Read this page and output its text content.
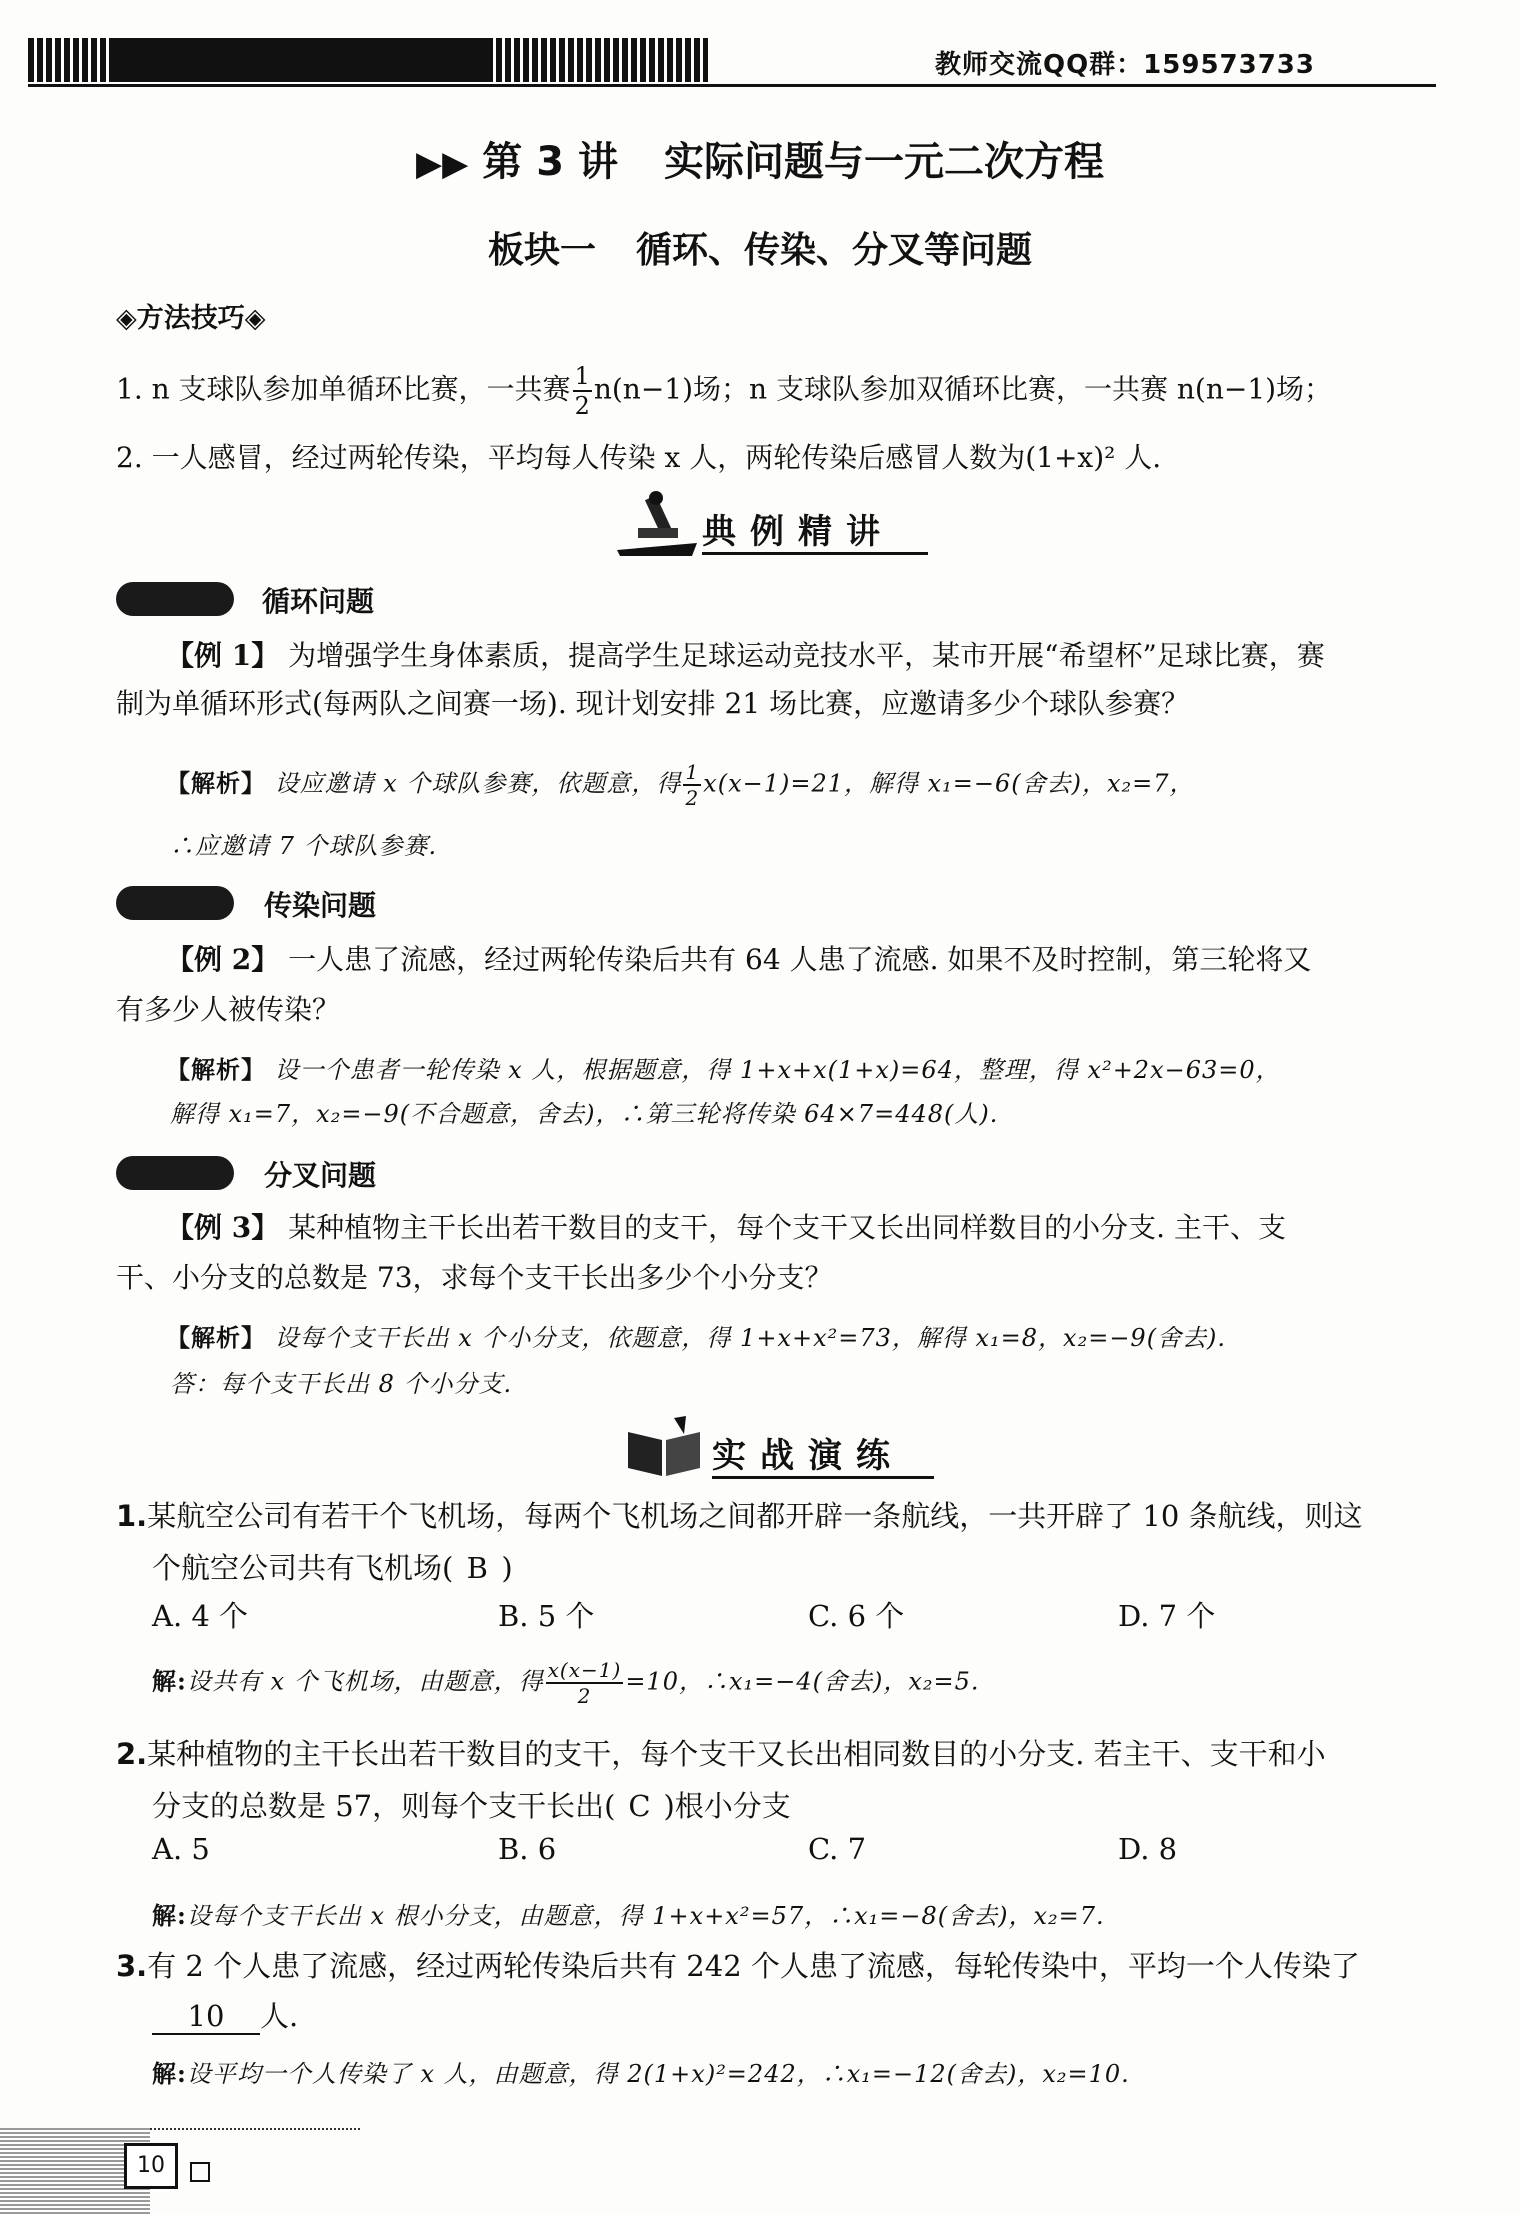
教师交流QQ群：159573733
▶▶ 第 3 讲 实际问题与一元二次方程
板块一 循环、传染、分叉等问题
◈方法技巧◈
1. n 支球队参加单循环比赛，一共赛 $\frac{1}{2} n(n-1)$场；n 支球队参加双循环比赛，一共赛 n(n−1)场；
2. 一人感冒，经过两轮传染，平均每人传染 x 人，两轮传染后感冒人数为(1+x)² 人.
典例精讲
循环问题
【例 1】 为增强学生身体素质，提高学生足球运动竞技水平，某市开展“希望杯”足球比赛，赛
制为单循环形式(每两队之间赛一场). 现计划安排 21 场比赛，应邀请多少个球队参赛？
【解析】 设应邀请 x 个球队参赛，依题意，得 $\frac{1}{2} x(x-1)=21$，解得 x₁=−6(舍去)，x₂=7，
∴应邀请 7 个球队参赛.
传染问题
【例 2】 一人患了流感，经过两轮传染后共有 64 人患了流感. 如果不及时控制，第三轮将又
有多少人被传染？
【解析】 设一个患者一轮传染 x 人，根据题意，得 1+x+x(1+x)=64，整理，得 x²+2x−63=0，
解得 x₁=7，x₂=−9(不合题意，舍去)，∴第三轮将传染 64×7=448(人).
分叉问题
【例 3】 某种植物主干长出若干数目的支干，每个支干又长出同样数目的小分支. 主干、支
干、小分支的总数是 73，求每个支干长出多少个小分支？
【解析】 设每个支干长出 x 个小分支，依题意，得 1+x+x²=73，解得 x₁=8，x₂=−9(舍去).
答：每个支干长出 8 个小分支.
实战演练
1.某航空公司有若干个飞机场，每两个飞机场之间都开辟一条航线，一共开辟了 10 条航线，则这
个航空公司共有飞机场( B )
A. 4 个	B. 5 个	C. 6 个	D. 7 个
解:设共有 x 个飞机场，由题意，得 $\frac{x(x-1)}{2} =10$，∴x₁=−4(舍去)，x₂=5.
2.某种植物的主干长出若干数目的支干，每个支干又长出相同数目的小分支. 若主干、支干和小
分支的总数是 57，则每个支干长出( C )根小分支
A. 5	B. 6	C. 7	D. 8
解:设每个支干长出 x 根小分支，由题意，得 1+x+x²=57，∴x₁=−8(舍去)，x₂=7.
3.有 2 个人患了流感，经过两轮传染后共有 242 个人患了流感，每轮传染中，平均一个人传染了
10 人.
解:设平均一个人传染了 x 人，由题意，得 2(1+x)²=242，∴x₁=−12(舍去)，x₂=10.
10
